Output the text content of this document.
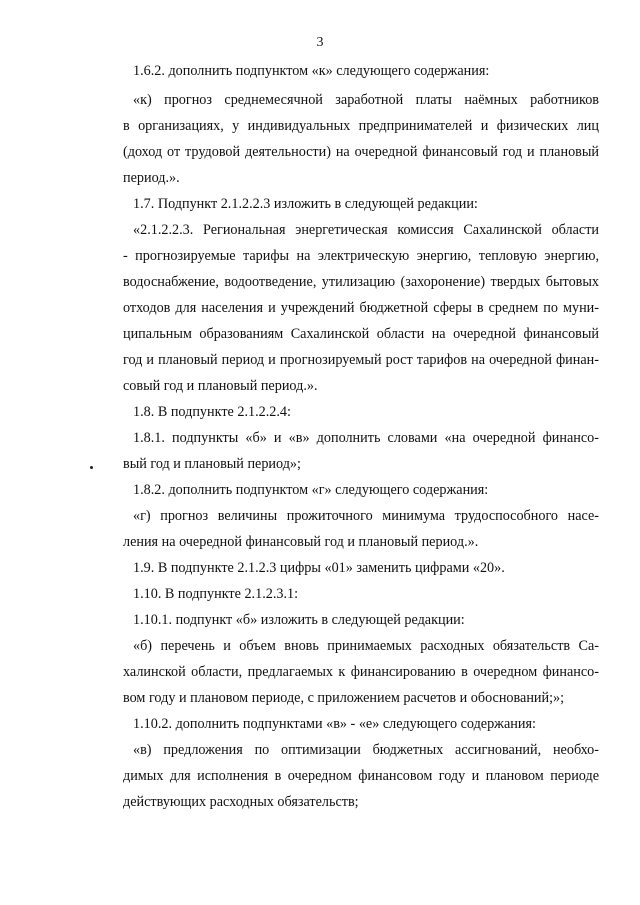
3
1.6.2. дополнить подпунктом «к» следующего содержания:
«к) прогноз среднемесячной заработной платы наёмных работников
в организациях, у индивидуальных предпринимателей и физических лиц
(доход от трудовой деятельности) на очередной финансовый год и плановый
период.».
1.7. Подпункт 2.1.2.2.3 изложить в следующей редакции:
«2.1.2.2.3. Региональная энергетическая комиссия Сахалинской области
- прогнозируемые тарифы на электрическую энергию, тепловую энергию,
водоснабжение, водоотведение, утилизацию (захоронение) твердых бытовых
отходов для населения и учреждений бюджетной сферы в среднем по муни-
ципальным образованиям Сахалинской области на очередной финансовый
год и плановый период и прогнозируемый рост тарифов на очередной финан-
совый год и плановый период.».
1.8. В подпункте 2.1.2.2.4:
1.8.1. подпункты «б» и «в» дополнить словами «на очередной финансо-
вый год и плановый период»;
1.8.2. дополнить подпунктом «г» следующего содержания:
«г) прогноз величины прожиточного минимума трудоспособного насе-
ления на очередной финансовый год и плановый период.».
1.9. В подпункте 2.1.2.3 цифры «01» заменить цифрами «20».
1.10. В подпункте 2.1.2.3.1:
1.10.1. подпункт «б» изложить в следующей редакции:
«б) перечень и объем вновь принимаемых расходных обязательств Са-
халинской области, предлагаемых к финансированию в очередном финансо-
вом году и плановом периоде, с приложением расчетов и обоснований;»;
1.10.2. дополнить подпунктами «в» - «е» следующего содержания:
«в) предложения по оптимизации бюджетных ассигнований, необхо-
димых для исполнения в очередном финансовом году и плановом периоде
действующих расходных обязательств;
